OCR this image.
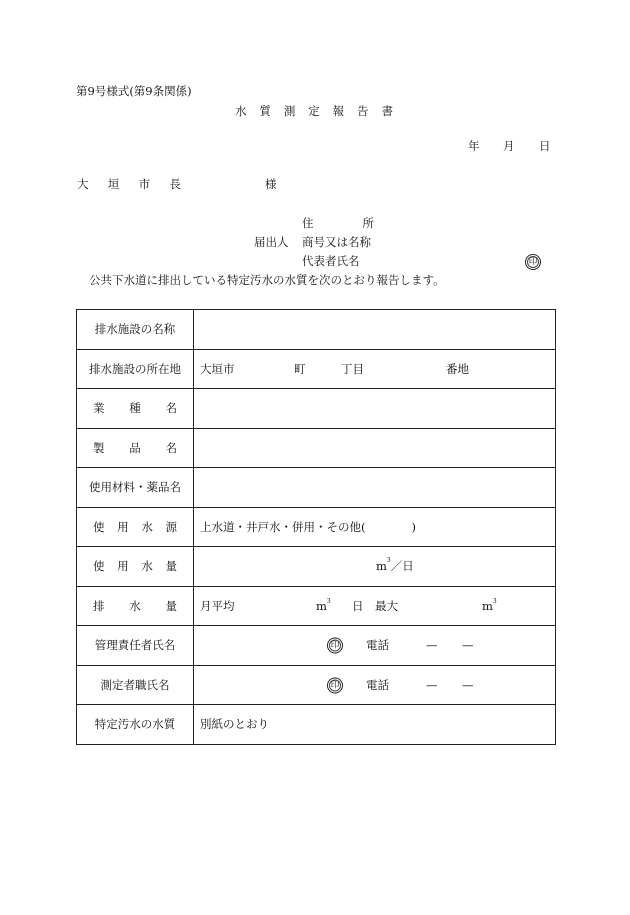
第9号様式(第9条関係)
水 質 測 定 報 告 書
年 月 日
大 垣 市 長	様
住	所
届出人 商号又は名称
代表者氏名	印
公共下水道に排出している特定汚水の水質を次のとおり報告します。
排水施設の名称	
排水施設の所在地	大垣市 町 丁目 番地

業 種 名	

製 品 名	

使用材料・薬品名	

使 用 水 源	上水道・井戸水・併用・その他(　　　　)

使 用 水 量	$m^3/$日

排 水 量	月平均 $m^3$ 日 最大 $m^3$

管理責任者氏名	印 電話 — —

測定者職氏名	印 電話 — —

特定汚水の水質	別紙のとおり
